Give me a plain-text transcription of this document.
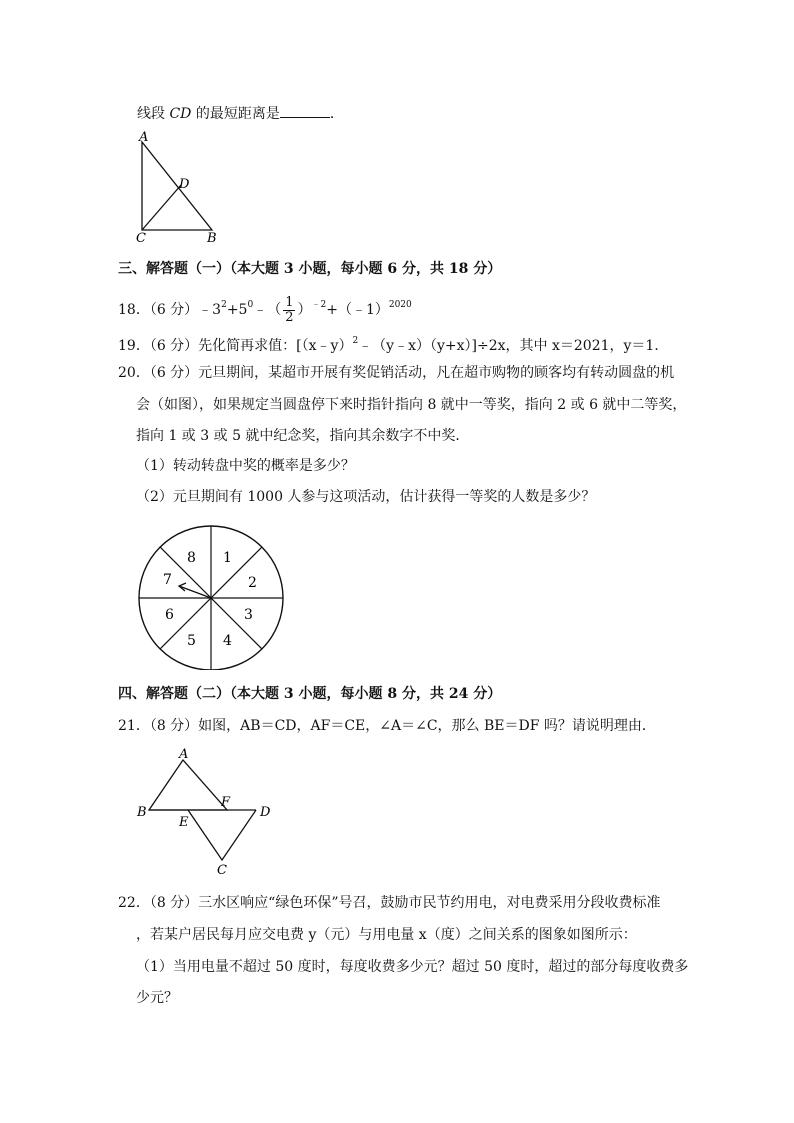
线段 CD 的最短距离是	．
A
D
C	B
三、解答题（一）（本大题 3 小题，每小题 6 分，共 18 分）
18．（6 分）$﹣3^2+5^0﹣( \frac{1}{2}$ ）$^{﹣2}$+（﹣1）$^{2020}$
19．（6 分）先化简再求值：[（x﹣y）$^2$﹣（y﹣x）（y+x）]÷2x，其中 x＝2021，y＝1．
20．（6 分）元旦期间，某超市开展有奖促销活动，凡在超市购物的顾客均有转动圆盘的机
会（如图），如果规定当圆盘停下来时指针指向 8 就中一等奖，指向 2 或 6 就中二等奖，
指向 1 或 3 或 5 就中纪念奖，指向其余数字不中奖．
（1）转动转盘中奖的概率是多少？
（2）元旦期间有 1000 人参与这项活动，估计获得一等奖的人数是多少？
8 1
7	2
6	3
5 4
四、解答题（二）（本大题 3 小题，每小题 8 分，共 24 分）
21．（8 分）如图，AB＝CD，AF＝CE，∠A＝∠C，那么 BE＝DF 吗？请说明理由．
A
B
F
D
E
C
22．（8 分）三水区响应“绿色环保”号召，鼓励市民节约用电，对电费采用分段收费标准
，若某户居民每月应交电费 y（元）与用电量 x（度）之间关系的图象如图所示：
（1）当用电量不超过 50 度时，每度收费多少元？超过 50 度时，超过的部分每度收费多
少元？
